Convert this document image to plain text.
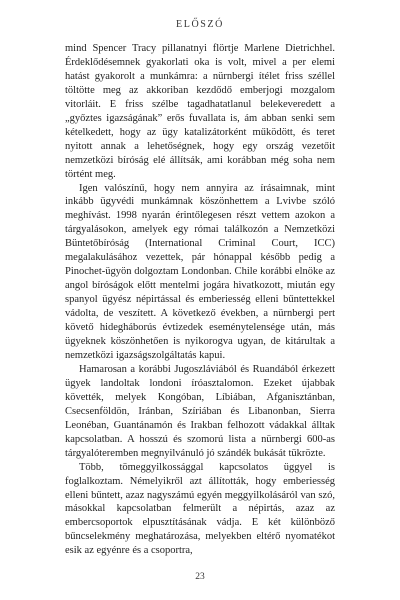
ELŐSZÓ

mind Spencer Tracy pillanatnyi flörtje Marlene Dietrichhel. Érdeklődésemnek gyakorlati oka is volt, mivel a per elemi hatást gyakorolt a munkámra: a nürnbergi ítélet friss széllel töltötte meg az akkoriban kezdődő emberjogi mozgalom vitorláit. E friss szélbe tagadhatatlanul belekeveredett a „győztes igazságának” erős fuvallata is, ám abban senki sem kételkedett, hogy az ügy katalizátorként működött, és teret nyitott annak a lehetőségnek, hogy egy ország vezetőit nemzetközi bíróság elé állítsák, ami korábban még soha nem történt meg.

Igen valószínű, hogy nem annyira az írásaimnak, mint inkább ügyvédi munkámnak köszönhettem a Lvivbe szóló meghívást. 1998 nyarán érintőlegesen részt vettem azokon a tárgyalásokon, amelyek egy római találkozón a Nemzetközi Büntetőbíróság (International Criminal Court, ICC) megalakulásához vezettek, pár hónappal később pedig a Pinochet-ügyön dolgoztam Londonban. Chile korábbi elnöke az angol bíróságok előtt mentelmi jogára hivatkozott, miután egy spanyol ügyész népirtással és emberiesség elleni bűntettekkel vádolta, de veszített. A következő években, a nürnbergi pert követő hidegháborús évtizedek eseménytelensége után, más ügyeknek köszönhetően is nyikorogva ugyan, de kitárultak a nemzetközi igazságszolgáltatás kapui.

Hamarosan a korábbi Jugoszláviából és Ruandából érkezett ügyek landoltak londoni íróasztalomon. Ezeket újabbak követték, melyek Kongóban, Líbiában, Afganisztánban, Csecsenföldön, Iránban, Szíriában és Libanonban, Sierra Leonéban, Guantánamón és Irakban felhozott vádakkal álltak kapcsolatban. A hosszú és szomorú lista a nürnbergi 600-as tárgyalóteremben megnyilvánuló jó szándék bukását tükrözte.

Több, tömeggyilkossággal kapcsolatos üggyel is foglalkoztam. Némelyikről azt állították, hogy emberiesség elleni bűntett, azaz nagyszámú egyén meggyilkolásáról van szó, másokkal kapcsolatban felmerült a népirtás, azaz az embercsoportok elpusztításának vádja. E két különböző bűncselekmény meghatározása, melyekben eltérő nyomatékot esik az egyénre és a csoportra,

23
